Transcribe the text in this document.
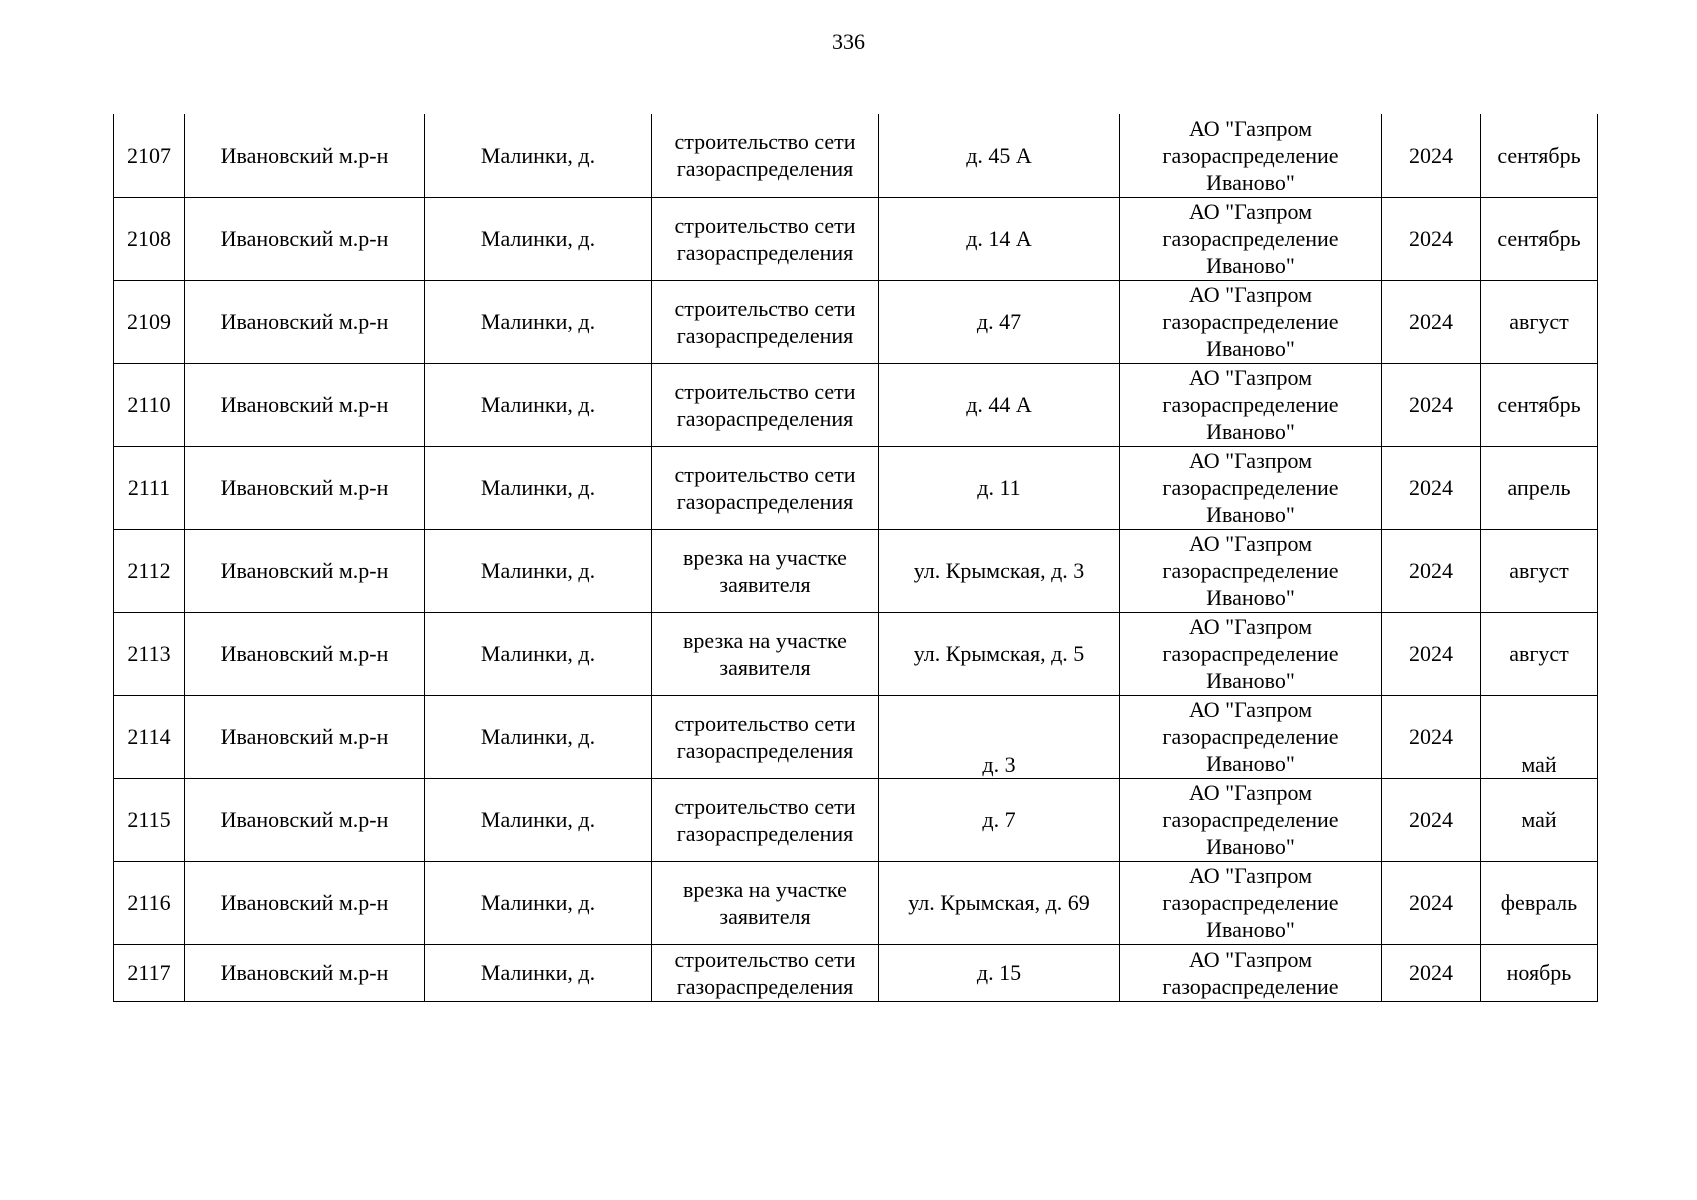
336
2107	Ивановский м.р-н	Малинки, д.	строительство сети газораспределения	д. 45 А	АО "Газпром газораспределение Иваново"	2024	сентябрь
2108	Ивановский м.р-н	Малинки, д.	строительство сети газораспределения	д. 14 А	АО "Газпром газораспределение Иваново"	2024	сентябрь
2109	Ивановский м.р-н	Малинки, д.	строительство сети газораспределения	д. 47	АО "Газпром газораспределение Иваново"	2024	август
2110	Ивановский м.р-н	Малинки, д.	строительство сети газораспределения	д. 44 А	АО "Газпром газораспределение Иваново"	2024	сентябрь
2111	Ивановский м.р-н	Малинки, д.	строительство сети газораспределения	д. 11	АО "Газпром газораспределение Иваново"	2024	апрель
2112	Ивановский м.р-н	Малинки, д.	врезка на участке заявителя	ул. Крымская, д. 3	АО "Газпром газораспределение Иваново"	2024	август
2113	Ивановский м.р-н	Малинки, д.	врезка на участке заявителя	ул. Крымская, д. 5	АО "Газпром газораспределение Иваново"	2024	август
2114	Ивановский м.р-н	Малинки, д.	строительство сети газораспределения	д. 3	АО "Газпром газораспределение Иваново"	2024	май
2115	Ивановский м.р-н	Малинки, д.	строительство сети газораспределения	д. 7	АО "Газпром газораспределение Иваново"	2024	май
2116	Ивановский м.р-н	Малинки, д.	врезка на участке заявителя	ул. Крымская, д. 69	АО "Газпром газораспределение Иваново"	2024	февраль
2117	Ивановский м.р-н	Малинки, д.	строительство сети газораспределения	д. 15	АО "Газпром газораспределение	2024	ноябрь
